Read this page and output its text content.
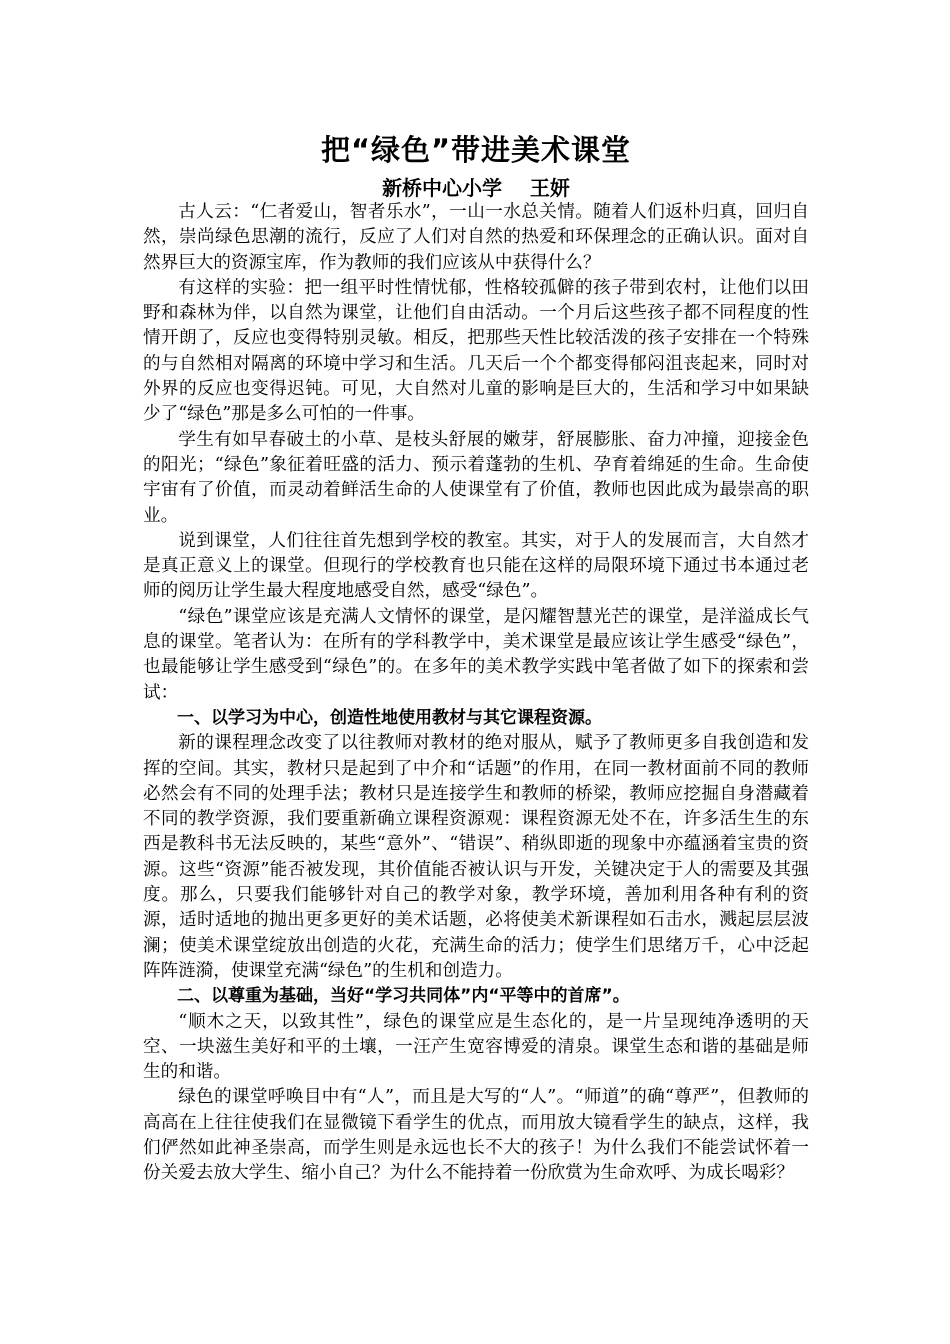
把“绿色”带进美术课堂

新桥中心小学    王妍

古人云：“仁者爱山，智者乐水”，一山一水总关情。随着人们返朴归真，回归自然，崇尚绿色思潮的流行，反应了人们对自然的热爱和环保理念的正确认识。面对自然界巨大的资源宝库，作为教师的我们应该从中获得什么？

有这样的实验：把一组平时性情忧郁，性格较孤僻的孩子带到农村，让他们以田野和森林为伴，以自然为课堂，让他们自由活动。一个月后这些孩子都不同程度的性情开朗了，反应也变得特别灵敏。相反，把那些天性比较活泼的孩子安排在一个特殊的与自然相对隔离的环境中学习和生活。几天后一个个都变得郁闷沮丧起来，同时对外界的反应也变得迟钝。可见，大自然对儿童的影响是巨大的，生活和学习中如果缺少了“绿色”那是多么可怕的一件事。

学生有如早春破土的小草、是枝头舒展的嫩芽，舒展膨胀、奋力冲撞，迎接金色的阳光；“绿色”象征着旺盛的活力、预示着蓬勃的生机、孕育着绵延的生命。生命使宇宙有了价值，而灵动着鲜活生命的人使课堂有了价值，教师也因此成为最崇高的职业。

说到课堂，人们往往首先想到学校的教室。其实，对于人的发展而言，大自然才是真正意义上的课堂。但现行的学校教育也只能在这样的局限环境下通过书本通过老师的阅历让学生最大程度地感受自然，感受“绿色”。

“绿色”课堂应该是充满人文情怀的课堂，是闪耀智慧光芒的课堂，是洋溢成长气息的课堂。笔者认为：在所有的学科教学中，美术课堂是最应该让学生感受“绿色”，也最能够让学生感受到“绿色”的。在多年的美术教学实践中笔者做了如下的探索和尝试：

一、以学习为中心，创造性地使用教材与其它课程资源。

新的课程理念改变了以往教师对教材的绝对服从，赋予了教师更多自我创造和发挥的空间。其实，教材只是起到了中介和“话题”的作用，在同一教材面前不同的教师必然会有不同的处理手法；教材只是连接学生和教师的桥梁，教师应挖掘自身潜藏着不同的教学资源，我们要重新确立课程资源观：课程资源无处不在，许多活生生的东西是教科书无法反映的，某些“意外”、“错误”、稍纵即逝的现象中亦蕴涵着宝贵的资源。这些“资源”能否被发现，其价值能否被认识与开发，关键决定于人的需要及其强度。那么，只要我们能够针对自己的教学对象，教学环境，善加利用各种有利的资源，适时适地的抛出更多更好的美术话题，必将使美术新课程如石击水，溅起层层波澜；使美术课堂绽放出创造的火花，充满生命的活力；使学生们思绪万千，心中泛起阵阵涟漪，使课堂充满“绿色”的生机和创造力。

二、以尊重为基础，当好“学习共同体”内“平等中的首席”。

“顺木之天，以致其性”，绿色的课堂应是生态化的，是一片呈现纯净透明的天空、一块滋生美好和平的土壤，一汪产生宽容博爱的清泉。课堂生态和谐的基础是师生的和谐。

绿色的课堂呼唤目中有“人”，而且是大写的“人”。“师道”的确“尊严”，但教师的高高在上往往使我们在显微镜下看学生的优点，而用放大镜看学生的缺点，这样，我们俨然如此神圣崇高，而学生则是永远也长不大的孩子！为什么我们不能尝试怀着一份关爱去放大学生、缩小自己？为什么不能持着一份欣赏为生命欢呼、为成长喝彩？
